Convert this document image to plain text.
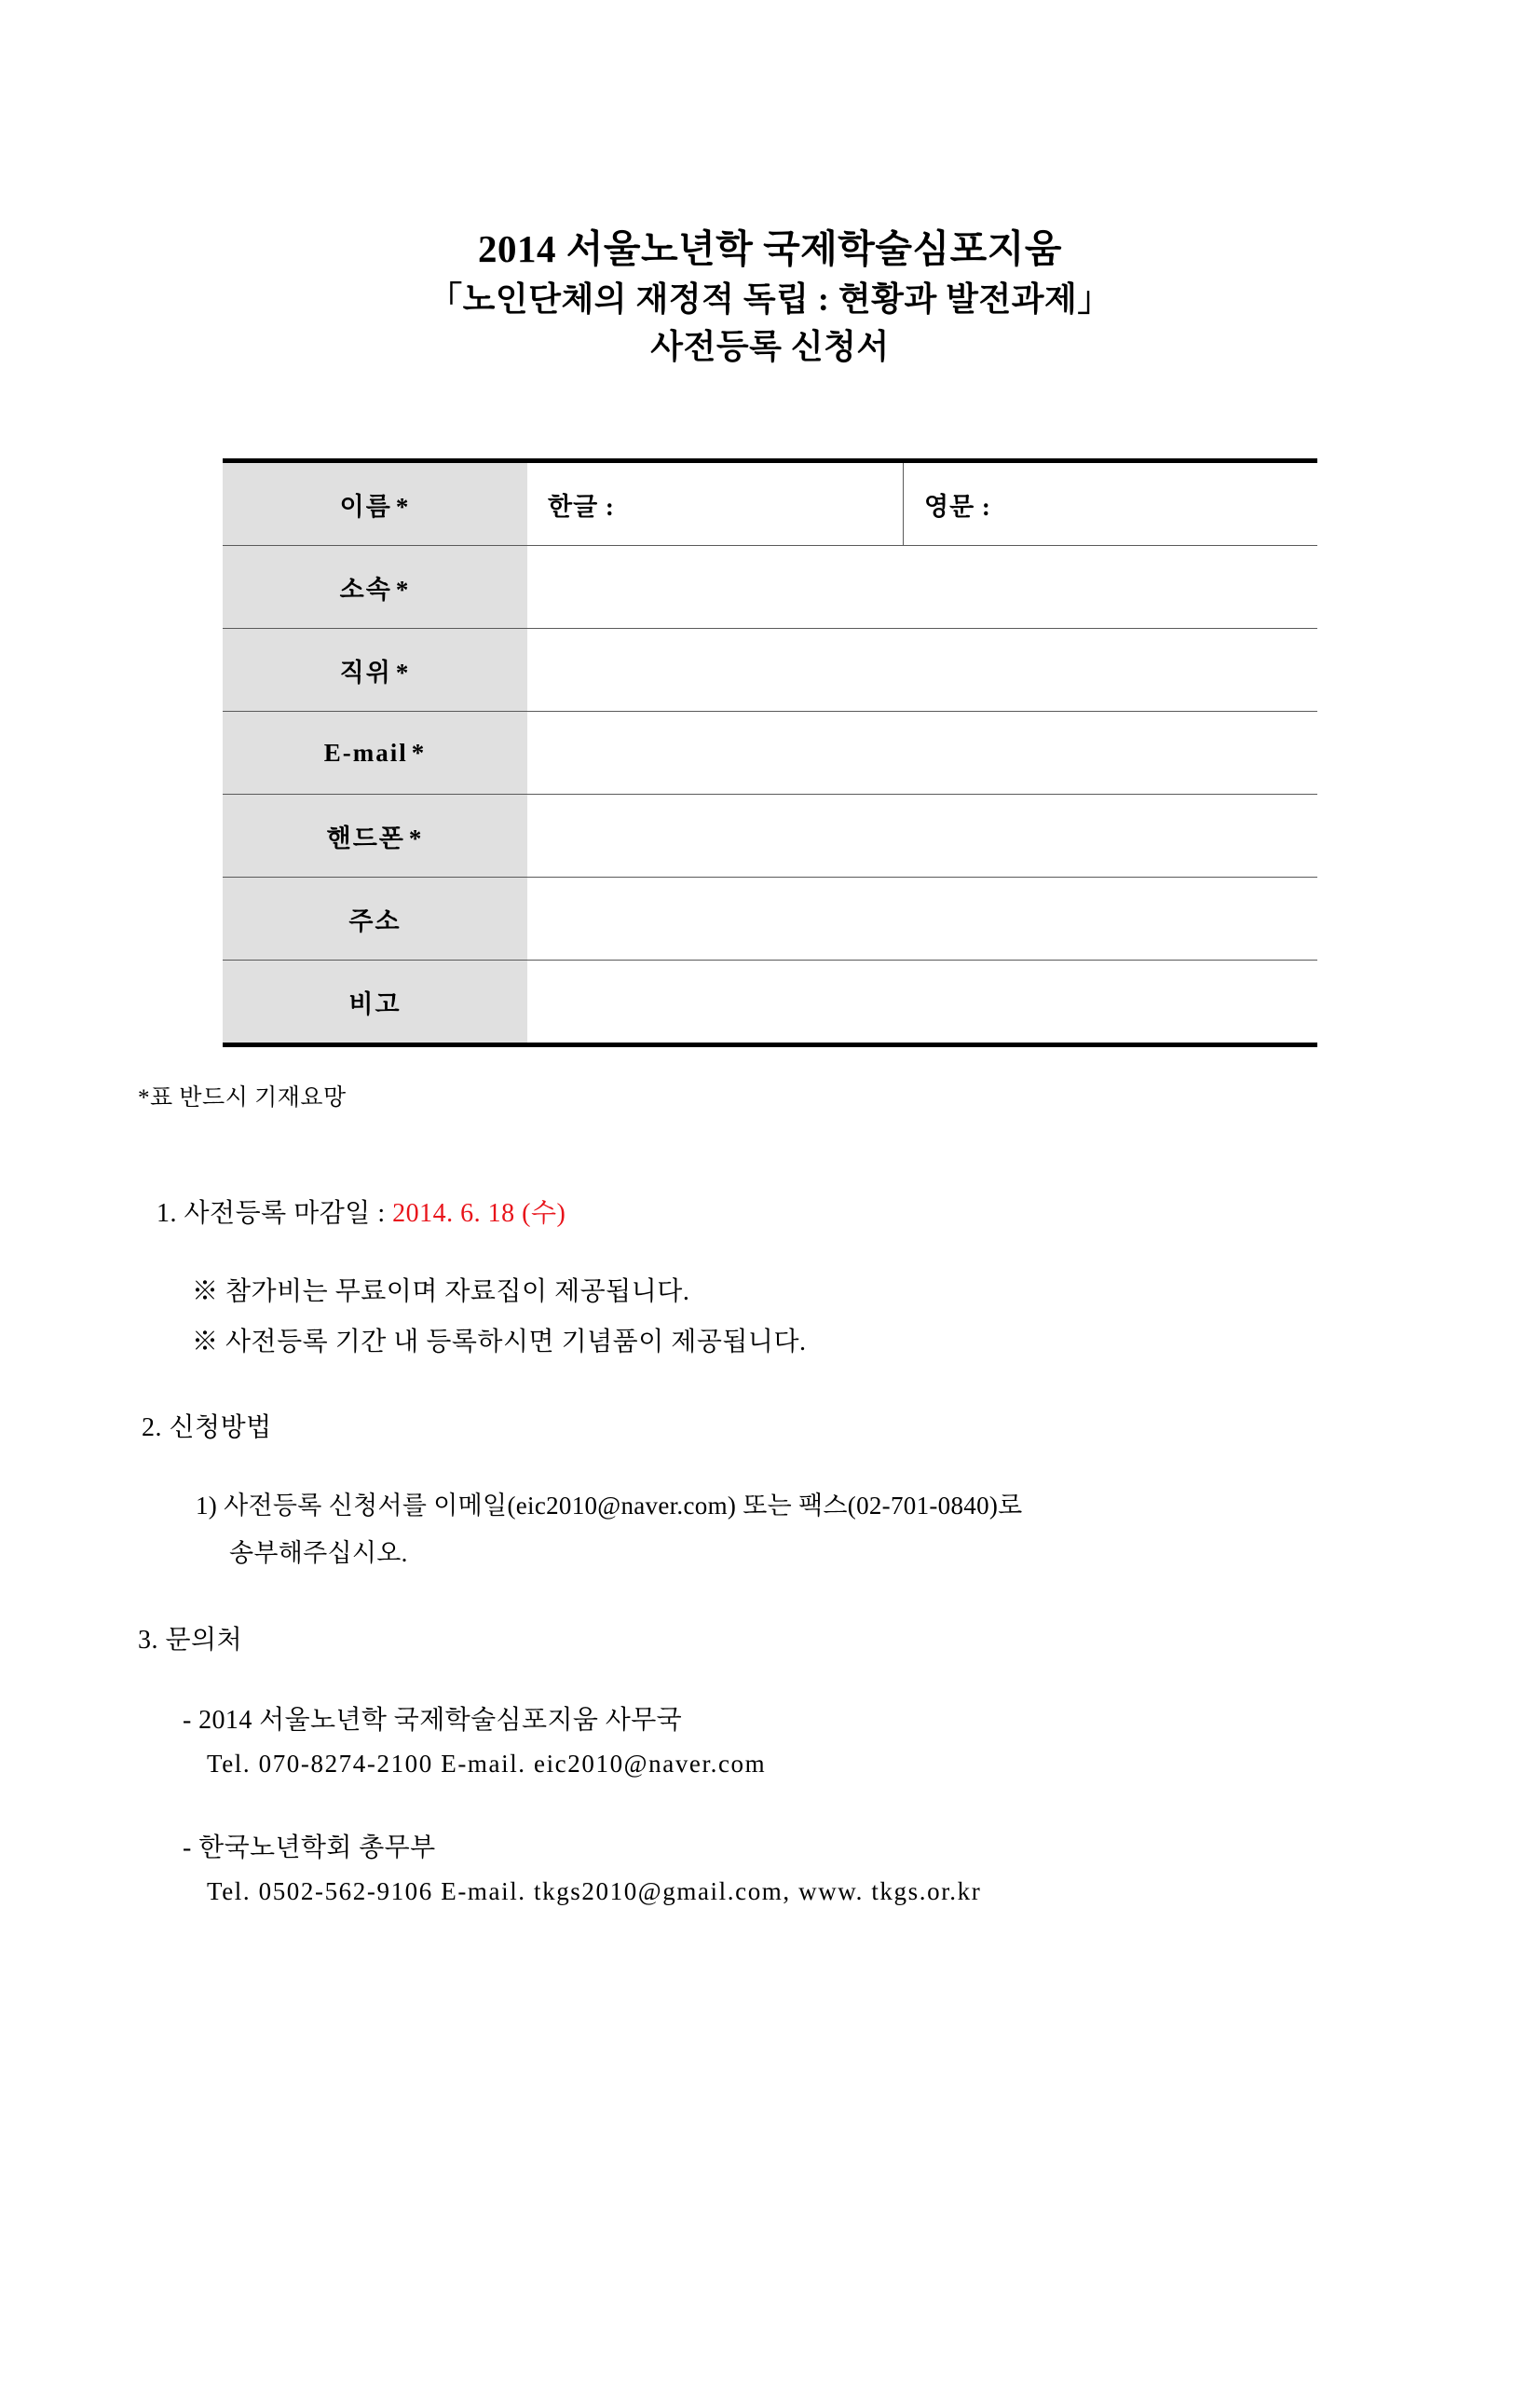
2014 서울노년학 국제학술심포지움
「노인단체의 재정적 독립 : 현황과 발전과제」
사전등록 신청서
이름 *	한글 :	영문 :
소속 *		
직위 *		
E-mail *		
핸드폰 *		
주소		
비고		
*표 반드시 기재요망
1. 사전등록 마감일 : 2014. 6. 18 (수)
※ 참가비는 무료이며 자료집이 제공됩니다.
※ 사전등록 기간 내 등록하시면 기념품이 제공됩니다.
2. 신청방법
1) 사전등록 신청서를 이메일(eic2010@naver.com) 또는 팩스(02-701-0840)로
송부해주십시오.
3. 문의처
- 2014 서울노년학 국제학술심포지움 사무국
Tel. 070-8274-2100 E-mail. eic2010@naver.com
- 한국노년학회 총무부
Tel. 0502-562-9106 E-mail. tkgs2010@gmail.com, www. tkgs.or.kr
